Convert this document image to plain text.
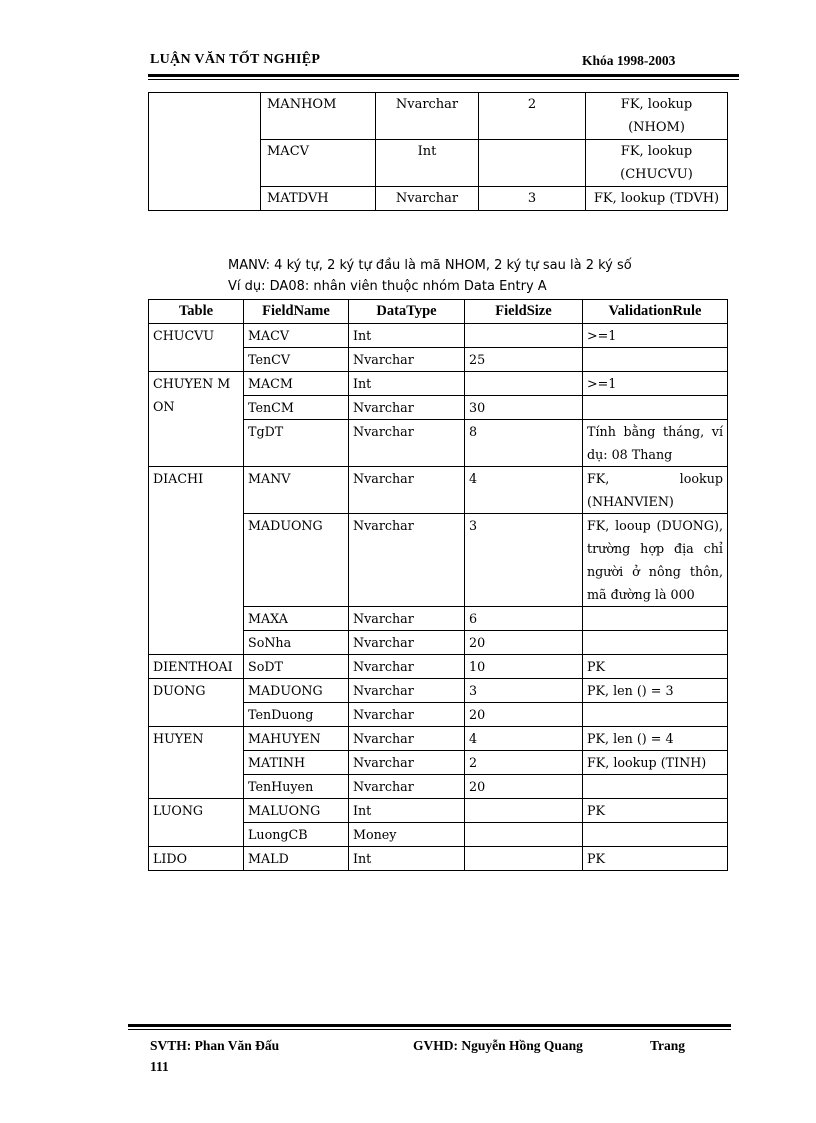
LUẬN VĂN TỐT NGHIỆP	Khóa 1998-2003
	MANHOM	Nvarchar	2	FK, lookup (NHOM)
	MACV	Int		FK, lookup (CHUCVU)
	MATDVH	Nvarchar	3	FK, lookup (TDVH)
MANV: 4 ký tự, 2 ký tự đầu là mã NHOM, 2 ký tự sau là 2 ký số
Ví dụ: DA08: nhân viên thuộc nhóm Data Entry A
Table	FieldName	DataType	FieldSize	ValidationRule
CHUCVU	MACV	Int		>=1
	TenCV	Nvarchar	25	
CHUYEN MON	MACM	Int		>=1
	TenCM	Nvarchar	30	
	TgDT	Nvarchar	8	Tính bằng tháng, ví dụ: 08 Thang
DIACHI	MANV	Nvarchar	4	FK, lookup (NHANVIEN)
	MADUONG	Nvarchar	3	FK, looup (DUONG), trường hợp địa chỉ người ở nông thôn, mã đường là 000
	MAXA	Nvarchar	6	
	SoNha	Nvarchar	20	
DIENTHOAI	SoDT	Nvarchar	10	PK
DUONG	MADUONG	Nvarchar	3	PK, len () = 3
	TenDuong	Nvarchar	20	
HUYEN	MAHUYEN	Nvarchar	4	PK, len () = 4
	MATINH	Nvarchar	2	FK, lookup (TINH)
	TenHuyen	Nvarchar	20	
LUONG	MALUONG	Int		PK
	LuongCB	Money		
LIDO	MALD	Int		PK
SVTH: Phan Văn Đấu	GVHD: Nguyễn Hồng Quang	Trang
111
